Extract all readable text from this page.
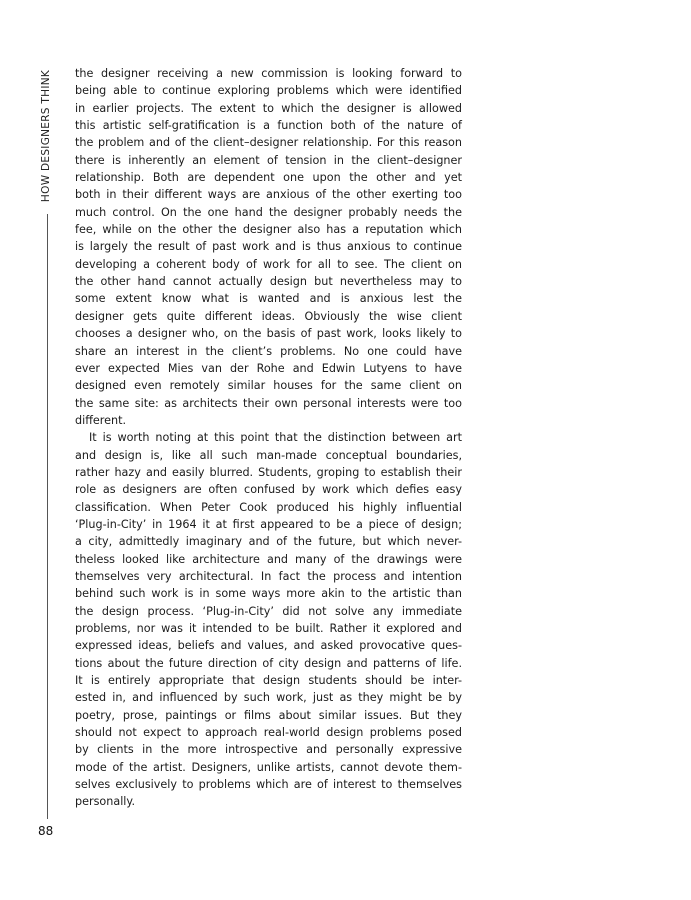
HOW DESIGNERS THINK
88
the designer receiving a new commission is looking forward to
being able to continue exploring problems which were identified
in earlier projects. The extent to which the designer is allowed
this artistic self-gratification is a function both of the nature of
the problem and of the client–designer relationship. For this reason
there is inherently an element of tension in the client–designer
relationship. Both are dependent one upon the other and yet
both in their different ways are anxious of the other exerting too
much control. On the one hand the designer probably needs the
fee, while on the other the designer also has a reputation which
is largely the result of past work and is thus anxious to continue
developing a coherent body of work for all to see. The client on
the other hand cannot actually design but nevertheless may to
some extent know what is wanted and is anxious lest the
designer gets quite different ideas. Obviously the wise client
chooses a designer who, on the basis of past work, looks likely to
share an interest in the client’s problems. No one could have
ever expected Mies van der Rohe and Edwin Lutyens to have
designed even remotely similar houses for the same client on
the same site: as architects their own personal interests were too
different.
It is worth noting at this point that the distinction between art
and design is, like all such man-made conceptual boundaries,
rather hazy and easily blurred. Students, groping to establish their
role as designers are often confused by work which defies easy
classification. When Peter Cook produced his highly influential
‘Plug-in-City’ in 1964 it at first appeared to be a piece of design;
a city, admittedly imaginary and of the future, but which never-
theless looked like architecture and many of the drawings were
themselves very architectural. In fact the process and intention
behind such work is in some ways more akin to the artistic than
the design process. ‘Plug-in-City’ did not solve any immediate
problems, nor was it intended to be built. Rather it explored and
expressed ideas, beliefs and values, and asked provocative ques-
tions about the future direction of city design and patterns of life.
It is entirely appropriate that design students should be inter-
ested in, and influenced by such work, just as they might be by
poetry, prose, paintings or films about similar issues. But they
should not expect to approach real-world design problems posed
by clients in the more introspective and personally expressive
mode of the artist. Designers, unlike artists, cannot devote them-
selves exclusively to problems which are of interest to themselves
personally.
